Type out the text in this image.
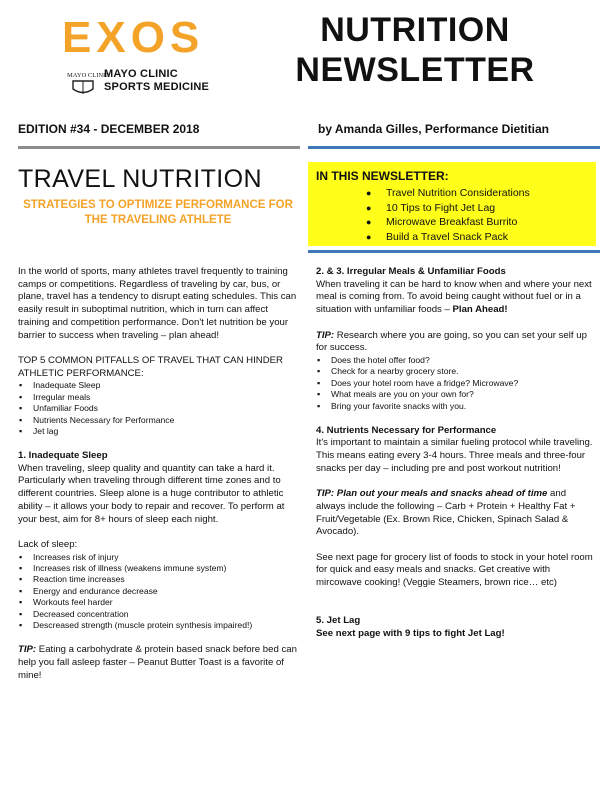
EXOS
MAYO CLINIC
MAYO CLINIC
SPORTS MEDICINE
NUTRITION
NEWSLETTER
EDITION #34 - DECEMBER 2018	by Amanda Gilles, Performance Dietitian
TRAVEL NUTRITION
STRATEGIES TO OPTIMIZE PERFORMANCE FOR THE TRAVELING ATHLETE
IN THIS NEWSLETTER:
● Travel Nutrition Considerations
● 10 Tips to Fight Jet Lag
● Microwave Breakfast Burrito
● Build a Travel Snack Pack

In the world of sports, many athletes travel frequently to training camps or competitions. Regardless of traveling by car, bus, or plane, travel has a tendency to disrupt eating schedules. This can easily result in suboptimal nutrition, which in turn can affect training and competition performance. Don't let nutrition be your barrier to success when traveling – plan ahead!

TOP 5 COMMON PITFALLS OF TRAVEL THAT CAN HINDER ATHLETIC PERFORMANCE:

▪ Inadequate Sleep
▪ Irregular meals
▪ Unfamiliar Foods
▪ Nutrients Necessary for Performance
▪ Jet lag

1. Inadequate Sleep

When traveling, sleep quality and quantity can take a hard it. Particularly when traveling through different time zones and to different countries. Sleep alone is a huge contributor to athletic ability – it allows your body to repair and recover. To perform at your best, aim for 8+ hours of sleep each night.

Lack of sleep:

▪ Increases risk of injury
▪ Increases risk of illness (weakens immune system)
▪ Reaction time increases
▪ Energy and endurance decrease
▪ Workouts feel harder
▪ Decreased concentration
▪ Descreased strength (muscle protein synthesis impaired!)

TIP: Eating a carbohydrate & protein based snack before bed can help you fall asleep faster – Peanut Butter Toast is a favorite of mine!

2. & 3. Irregular Meals & Unfamiliar Foods

When traveling it can be hard to know when and where your next meal is coming from. To avoid being caught without fuel or in a situation with unfamiliar foods – Plan Ahead!

TIP: Research where you are going, so you can set your self up for success.

▪ Does the hotel offer food?
▪ Check for a nearby grocery store.
▪ Does your hotel room have a fridge? Microwave?
▪ What meals are you on your own for?
▪ Bring your favorite snacks with you.

4. Nutrients Necessary for Performance

It's important to maintain a similar fueling protocol while traveling. This means eating every 3-4 hours. Three meals and three-four snacks per day – including pre and post workout nutrition!

TIP: Plan out your meals and snacks ahead of time and always include the following – Carb + Protein + Healthy Fat + Fruit/Vegetable (Ex. Brown Rice, Chicken, Spinach Salad & Avocado).

See next page for grocery list of foods to stock in your hotel room for quick and easy meals and snacks. Get creative with mircowave cooking! (Veggie Steamers, brown rice… etc)

5. Jet Lag

See next page with 9 tips to fight Jet Lag!
